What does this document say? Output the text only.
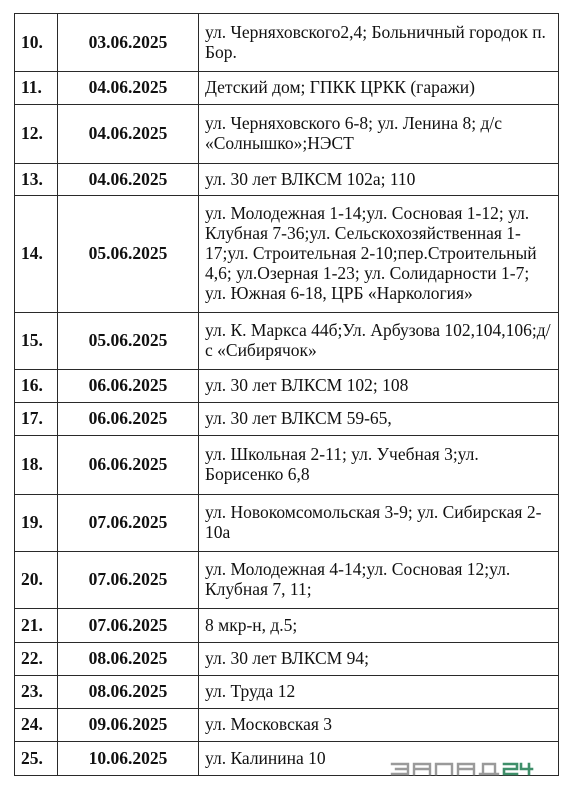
10.	03.06.2025	ул. Черняховского2,4; Больничный городок п. Бор.
11.	04.06.2025	Детский дом; ГПКК ЦРКК (гаражи)
12.	04.06.2025	ул. Черняховского 6-8; ул. Ленина 8; д/с «Солнышко»;НЭСТ
13.	04.06.2025	ул. 30 лет ВЛКСМ 102а; 110
14.	05.06.2025	ул. Молодежная 1-14;ул. Сосновая 1-12; ул. Клубная 7-36;ул. Сельскохозяйственная 1-17;ул. Строительная 2-10;пер.Строительный 4,6; ул.Озерная 1-23; ул. Солидарности 1-7; ул. Южная 6-18, ЦРБ «Наркология»
15.	05.06.2025	ул. К. Маркса 44б;Ул. Арбузова 102,104,106;д/с «Сибирячок»
16.	06.06.2025	ул. 30 лет ВЛКСМ 102; 108
17.	06.06.2025	ул. 30 лет ВЛКСМ 59-65,
18.	06.06.2025	ул. Школьная 2-11; ул. Учебная 3;ул. Борисенко 6,8
19.	07.06.2025	ул. Новокомсомольская 3-9; ул. Сибирская 2-10а
20.	07.06.2025	ул. Молодежная 4-14;ул. Сосновая 12;ул. Клубная 7, 11;
21.	07.06.2025	8 мкр-н, д.5;
22.	08.06.2025	ул. 30 лет ВЛКСМ 94;
23.	08.06.2025	ул. Труда 12
24.	09.06.2025	ул. Московская 3
25.	10.06.2025	ул. Калинина 10
